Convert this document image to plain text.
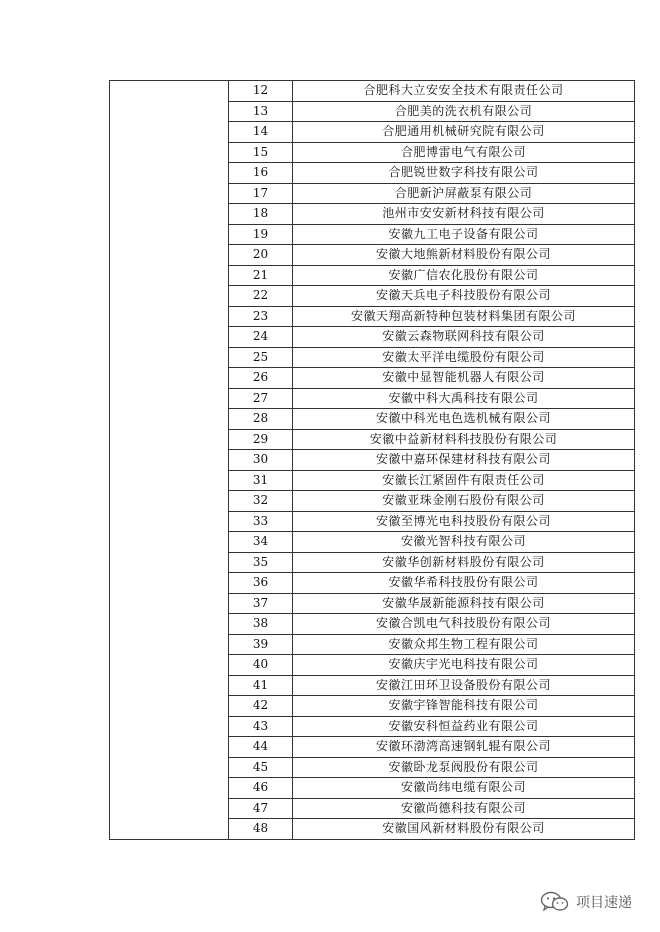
	12	合肥科大立安安全技术有限责任公司
	13	合肥美的洗衣机有限公司
	14	合肥通用机械研究院有限公司
	15	合肥博雷电气有限公司
	16	合肥锐世数字科技有限公司
	17	合肥新沪屏蔽泵有限公司
	18	池州市安安新材科技有限公司
	19	安徽九工电子设备有限公司
	20	安徽大地熊新材料股份有限公司
	21	安徽广信农化股份有限公司
	22	安徽天兵电子科技股份有限公司
	23	安徽天翔高新特种包装材料集团有限公司
	24	安徽云森物联网科技有限公司
	25	安徽太平洋电缆股份有限公司
	26	安徽中显智能机器人有限公司
	27	安徽中科大禹科技有限公司
	28	安徽中科光电色选机械有限公司
	29	安徽中益新材料科技股份有限公司
	30	安徽中嘉环保建材科技有限公司
	31	安徽长江紧固件有限责任公司
	32	安徽亚珠金刚石股份有限公司
	33	安徽至博光电科技股份有限公司
	34	安徽光智科技有限公司
	35	安徽华创新材料股份有限公司
	36	安徽华希科技股份有限公司
	37	安徽华晟新能源科技有限公司
	38	安徽合凯电气科技股份有限公司
	39	安徽众邦生物工程有限公司
	40	安徽庆宇光电科技有限公司
	41	安徽江田环卫设备股份有限公司
	42	安徽宇锋智能科技有限公司
	43	安徽安科恒益药业有限公司
	44	安徽环渤湾高速钢轧辊有限公司
	45	安徽卧龙泵阀股份有限公司
	46	安徽尚纬电缆有限公司
	47	安徽尚德科技有限公司
	48	安徽国风新材料股份有限公司
项目速递
